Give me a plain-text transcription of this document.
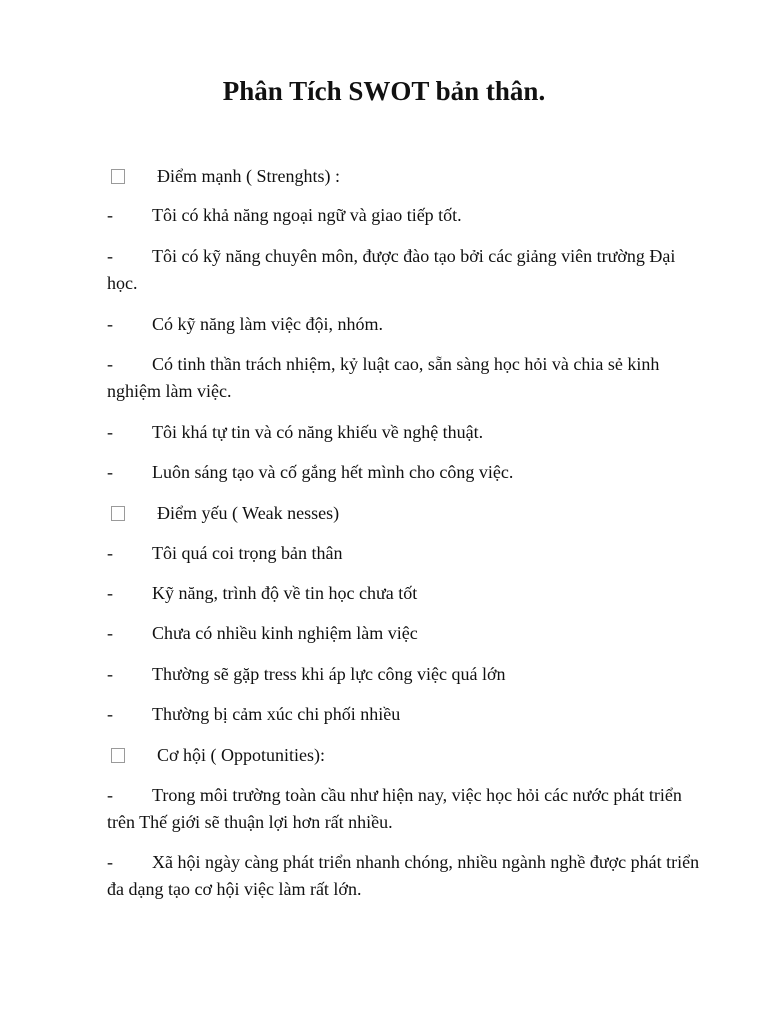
Phân Tích SWOT bản thân.
Điểm mạnh ( Strenghts) :

- Tôi có khả năng ngoại ngữ và giao tiếp tốt.

- Tôi có kỹ năng chuyên môn, được đào tạo bởi các giảng viên trường Đại học.

- Có kỹ năng làm việc đội, nhóm.

- Có tinh thần trách nhiệm, kỷ luật cao, sẵn sàng học hỏi và chia sẻ kinh nghiệm làm việc.

- Tôi khá tự tin và có năng khiếu về nghệ thuật.

- Luôn sáng tạo và cố gắng hết mình cho công việc.

Điểm yếu ( Weak nesses)

- Tôi quá coi trọng bản thân

- Kỹ năng, trình độ về tin học chưa tốt

- Chưa có nhiều kinh nghiệm làm việc

- Thường sẽ gặp tress khi áp lực công việc quá lớn

- Thường bị cảm xúc chi phối nhiều

Cơ hội ( Oppotunities):

- Trong môi trường toàn cầu như hiện nay, việc học hỏi các nước phát triển trên Thế giới sẽ thuận lợi hơn rất nhiều.

- Xã hội ngày càng phát triển nhanh chóng, nhiều ngành nghề được phát triển đa dạng tạo cơ hội việc làm rất lớn.
